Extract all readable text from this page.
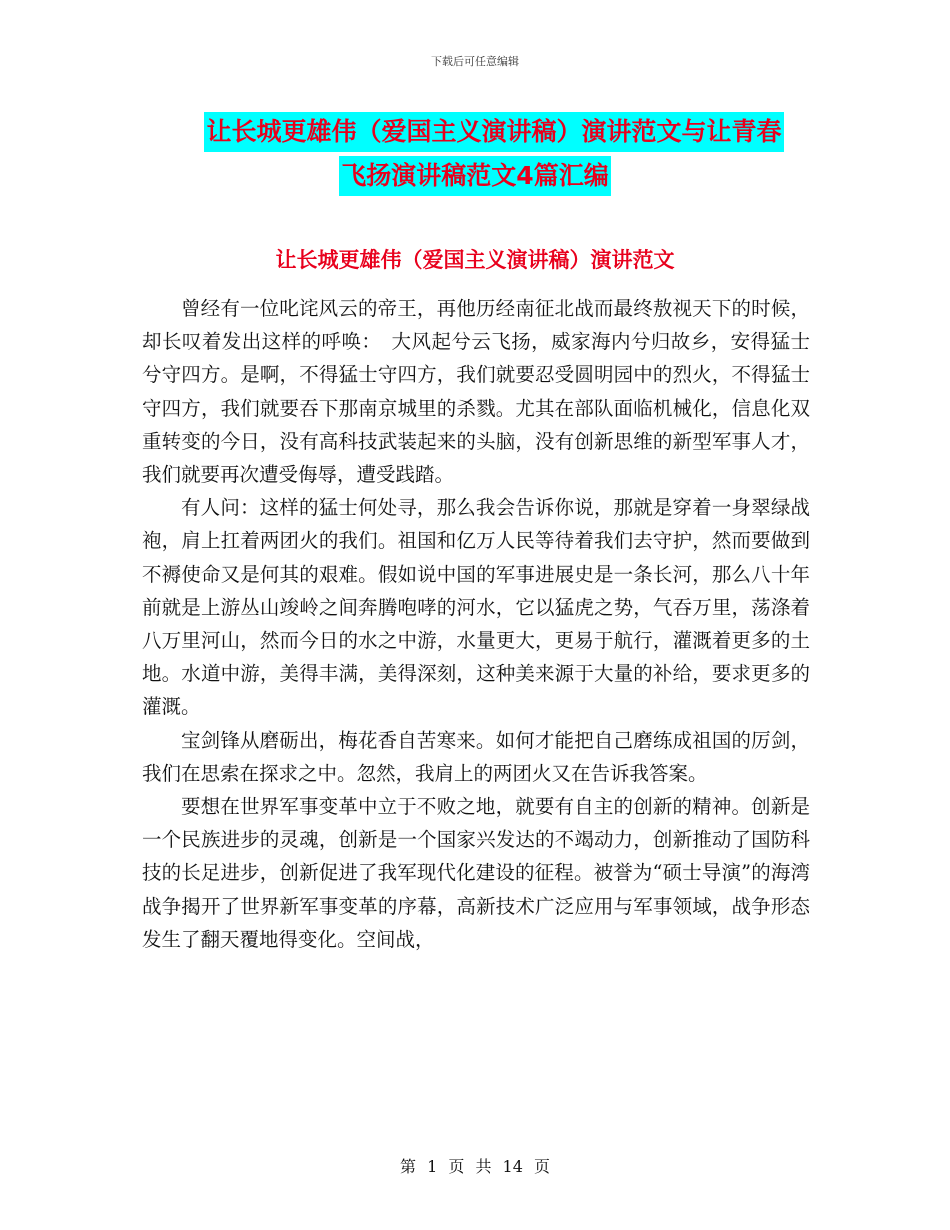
下载后可任意编辑
让长城更雄伟（爱国主义演讲稿）演讲范文与让青春
飞扬演讲稿范文4篇汇编
让长城更雄伟（爱国主义演讲稿）演讲范文

曾经有一位叱诧风云的帝王，再他历经南征北战而最终敖视天下的时候，却长叹着发出这样的呼唤：　大风起兮云飞扬，威家海内兮归故乡，安得猛士兮守四方。是啊，不得猛士守四方，我们就要忍受圆明园中的烈火，不得猛士守四方，我们就要吞下那南京城里的杀戮。尤其在部队面临机械化，信息化双重转变的今日，没有高科技武装起来的头脑，没有创新思维的新型军事人才，我们就要再次遭受侮辱，遭受践踏。

有人问：这样的猛士何处寻，那么我会告诉你说，那就是穿着一身翠绿战袍，肩上扛着两团火的我们。祖国和亿万人民等待着我们去守护，然而要做到不褥使命又是何其的艰难。假如说中国的军事进展史是一条长河，那么八十年前就是上游丛山竣岭之间奔腾咆哮的河水，它以猛虎之势，气吞万里，荡涤着八万里河山，然而今日的水之中游，水量更大，更易于航行，灌溉着更多的土地。水道中游，美得丰满，美得深刻，这种美来源于大量的补给，要求更多的灌溉。

宝剑锋从磨砺出，梅花香自苦寒来。如何才能把自己磨练成祖国的厉剑，我们在思索在探求之中。忽然，我肩上的两团火又在告诉我答案。

要想在世界军事变革中立于不败之地，就要有自主的创新的精神。创新是一个民族进步的灵魂，创新是一个国家兴发达的不竭动力，创新推动了国防科技的长足进步，创新促进了我军现代化建设的征程。被誉为“硕士导演”的海湾战争揭开了世界新军事变革的序幕，高新技术广泛应用与军事领域，战争形态发生了翻天覆地得变化。空间战，

第 1 页 共 14 页
